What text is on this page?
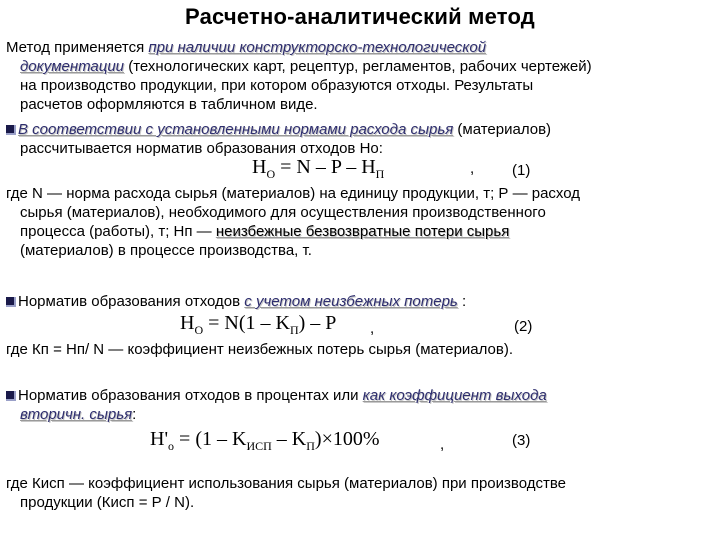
Расчетно-аналитический метод
Метод применяется при наличии конструкторско-технологической
документации (технологических карт, рецептур, регламентов, рабочих чертежей)
на производство продукции, при котором образуются отходы. Результаты
расчетов оформляются в табличном виде.
В соответствии с установленными нормами расхода сырья (материалов)
рассчитывается норматив образования отходов Но:
$H_O = N - P - H_П$	,	(1)
где N — норма расхода сырья (материалов) на единицу продукции, т; Р — расход
сырья (материалов), необходимого для осуществления производственного
процесса (работы), т; Нп — неизбежные безвозвратные потери сырья
(материалов) в процессе производства, т.
Норматив образования отходов с учетом неизбежных потерь :
$H_O = N(1 - K_П) - P$ ,	(2)
где Кп = Нп/ N — коэффициент неизбежных потерь сырья (материалов).
Норматив образования отходов в процентах или как коэффициент выхода
вторичн. сырья:
$H'_o = (1 - K_{ИСП} - K_П)\times 100\%$	,	(3)
где Кисп — коэффициент использования сырья (материалов) при производстве
продукции (Кисп = Р / N).
